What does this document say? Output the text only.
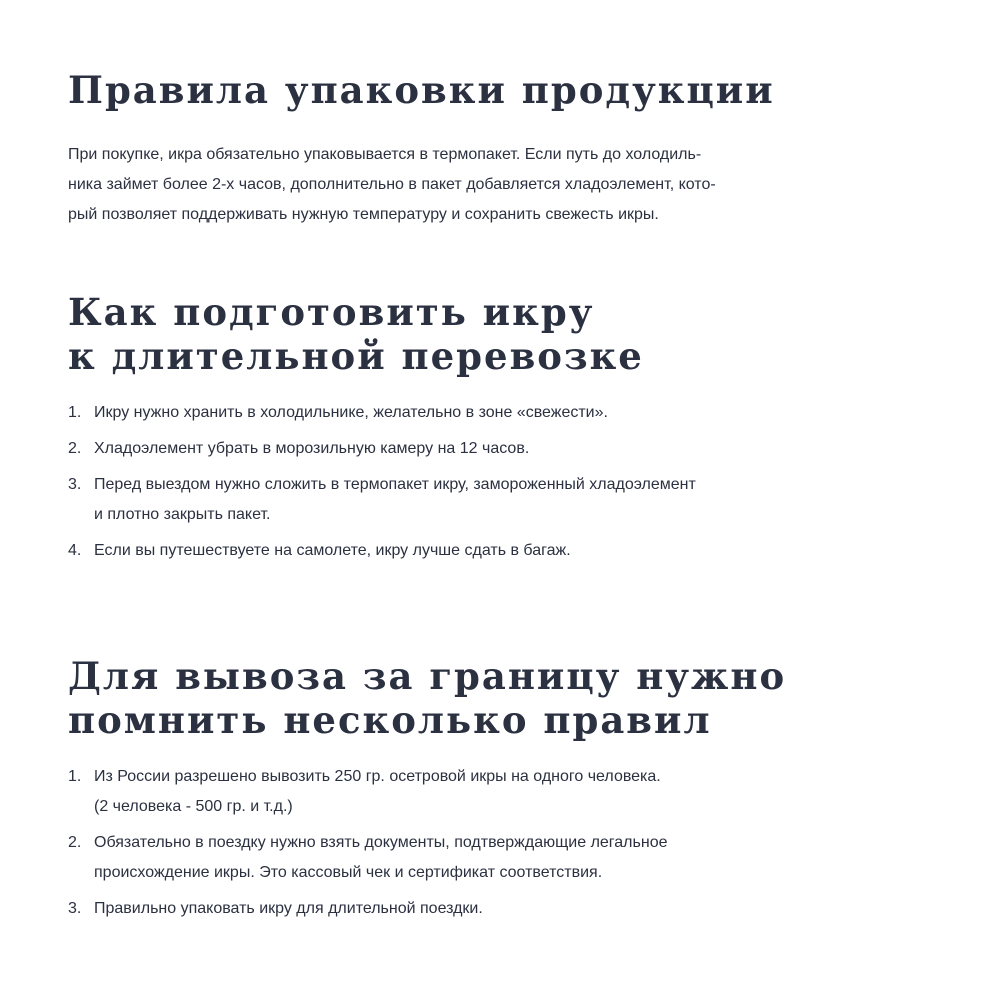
Правила упаковки продукции

При покупке, икра обязательно упаковывается в термопакет. Если путь до холодиль-
ника займет более 2-х часов, дополнительно в пакет добавляется хладоэлемент, кото-
рый позволяет поддерживать нужную температуру и сохранить свежесть икры.

Как подготовить икру
к длительной перевозке
1. Икру нужно хранить в холодильнике, желательно в зоне «свежести».
2. Хладоэлемент убрать в морозильную камеру на 12 часов.
3. Перед выездом нужно сложить в термопакет икру, замороженный хладоэлемент
и плотно закрыть пакет.
4. Если вы путешествуете на самолете, икру лучше сдать в багаж.
Для вывоза за границу нужно
помнить несколько правил
1. Из России разрешено вывозить 250 гр. осетровой икры на одного человека.
(2 человека - 500 гр. и т.д.)
2. Обязательно в поездку нужно взять документы, подтверждающие легальное
происхождение икры. Это кассовый чек и сертификат соответствия.
3. Правильно упаковать икру для длительной поездки.
